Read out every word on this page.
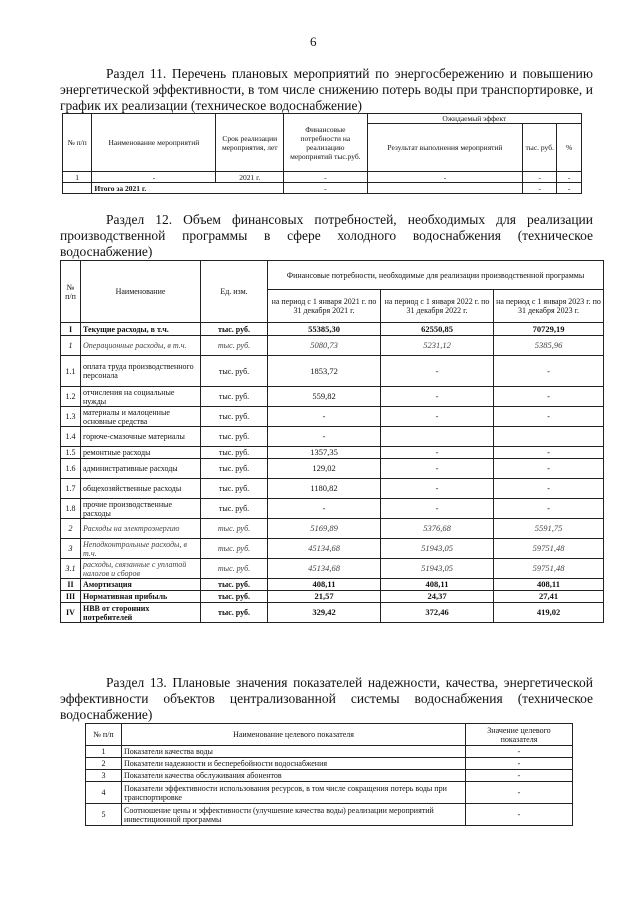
6

Раздел 11. Перечень плановых мероприятий по энергосбережению и повышению энергетической эффективности, в том числе снижению потерь воды при транспортировке, и график их реализации (техническое водоснабжение)

№ п/п	Наименование мероприятий	Срок реализации мероприятия, лет	Финансовые потребности на реализацию мероприятий тыс.руб.	Ожидаемый эффект		
				Результат выполнения мероприятий	тыс. руб.	%
1	-	2021 г.	-	-	-	-
	Итого за 2021 г.		-		-	-

Раздел 12. Объем финансовых потребностей, необходимых для реализации производственной программы в сфере холодного водоснабжения (техническое водоснабжение)

№ п/п	Наименование	Ед. изм.	Финансовые потребности, необходимые для реализации производственной программы		
			на период с 1 января 2021 г. по 31 декабря 2021 г.	на период с 1 января 2022 г. по 31 декабря 2022 г.	на период с 1 января 2023 г. по 31 декабря 2023 г.
I	Текущие расходы, в т.ч.	тыс. руб.	55385,30	62550,85	70729,19
1	Операционные расходы, в т.ч.	тыс. руб.	5080,73	5231,12	5385,96
1.1	оплата труда производственного персонала	тыс. руб.	1853,72	-	-
1.2	отчисления на социальные нужды	тыс. руб.	559,82	-	-
1.3	материалы и малоценные основные средства	тыс. руб.	-	-	-
1.4	горюче-смазочные материалы	тыс. руб.	-		
1.5	ремонтные расходы	тыс. руб.	1357,35	-	-
1.6	административные расходы	тыс. руб.	129,02	-	-
1.7	общехозяйственные расходы	тыс. руб.	1180,82	-	-
1.8	прочие производственные расходы	тыс. руб.	-	-	-
2	Расходы на электроэнергию	тыс. руб.	5169,89	5376,68	5591,75
3	Неподконтрольные расходы, в т.ч.	тыс. руб.	45134,68	51943,05	59751,48
3.1	расходы, связанные с уплатой налогов и сборов	тыс. руб.	45134,68	51943,05	59751,48
II	Амортизация	тыс. руб.	408,11	408,11	408,11
III	Нормативная прибыль	тыс. руб.	21,57	24,37	27,41
IV	НВВ от сторонних потребителей	тыс. руб.	329,42	372,46	419,02

Раздел 13. Плановые значения показателей надежности, качества, энергетической эффективности объектов централизованной системы водоснабжения (техническое водоснабжение)

№ п/п	Наименование целевого показателя	Значение целевого показателя
1	Показатели качества воды	-
2	Показатели надежности и бесперебойности водоснабжения	-
3	Показатели качества обслуживания абонентов	-
4	Показатели эффективности использования ресурсов, в том числе сокращения потерь воды при транспортировке	-
5	Соотношение цены и эффективности (улучшение качества воды) реализации мероприятий инвестиционной программы	-
